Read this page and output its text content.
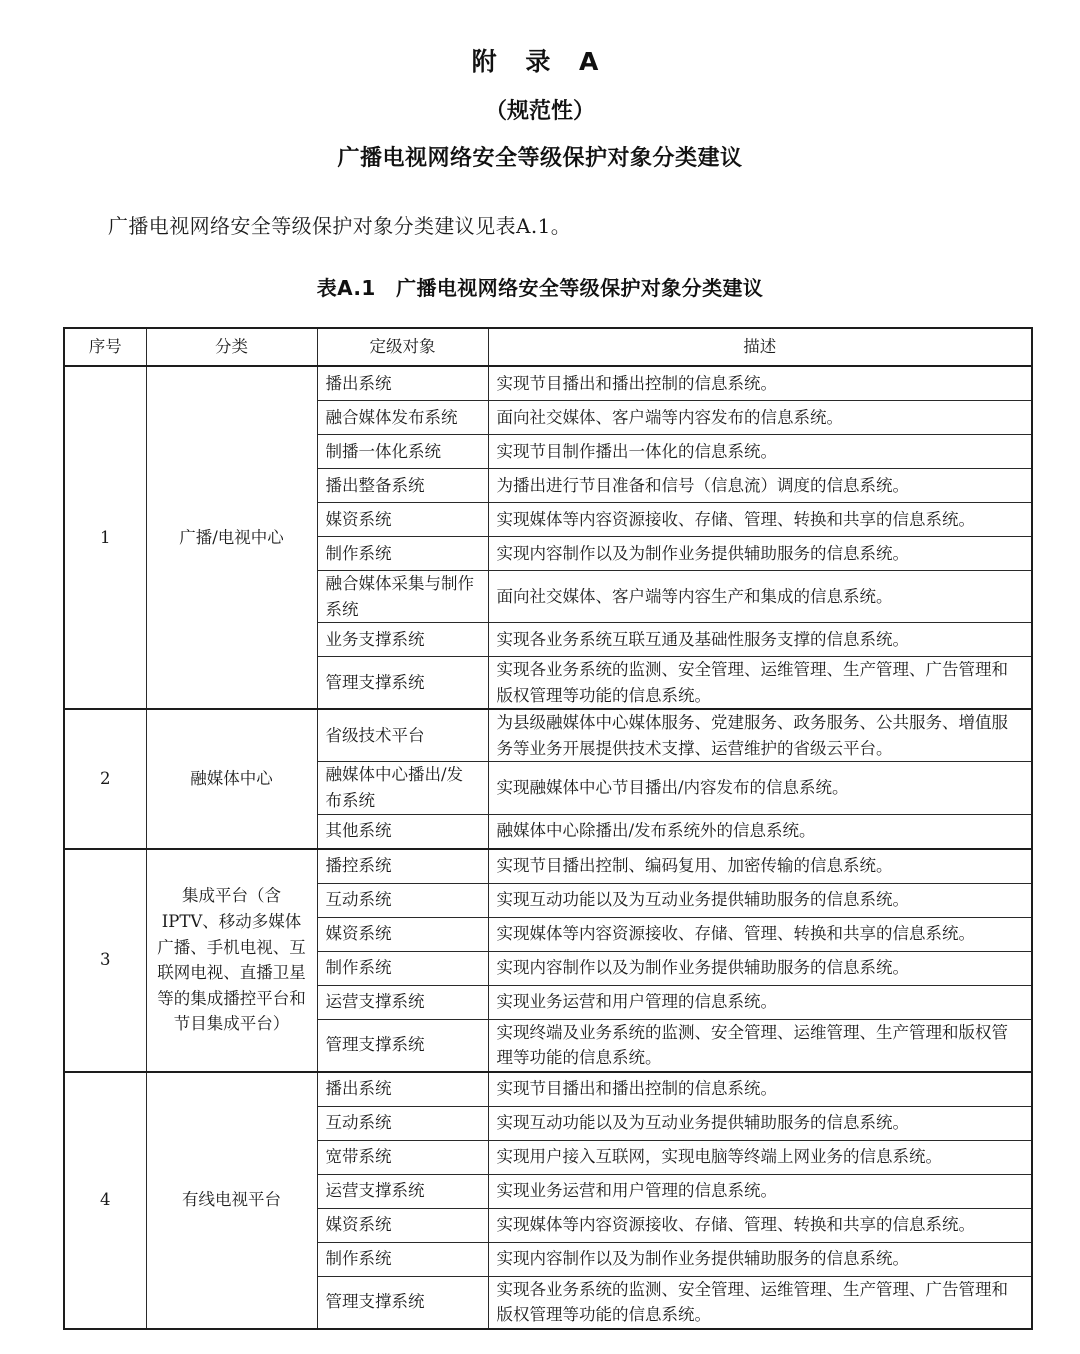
附 录 A
（规范性）
广播电视网络安全等级保护对象分类建议

广播电视网络安全等级保护对象分类建议见表A.1。

表A.1　广播电视网络安全等级保护对象分类建议

序号	分类	定级对象	描述
1	广播/电视中心	播出系统	实现节目播出和播出控制的信息系统。
		融合媒体发布系统	面向社交媒体、客户端等内容发布的信息系统。
		制播一体化系统	实现节目制作播出一体化的信息系统。
		播出整备系统	为播出进行节目准备和信号（信息流）调度的信息系统。
		媒资系统	实现媒体等内容资源接收、存储、管理、转换和共享的信息系统。
		制作系统	实现内容制作以及为制作业务提供辅助服务的信息系统。
		融合媒体采集与制作系统	面向社交媒体、客户端等内容生产和集成的信息系统。
		业务支撑系统	实现各业务系统互联互通及基础性服务支撑的信息系统。
		管理支撑系统	实现各业务系统的监测、安全管理、运维管理、生产管理、广告管理和版权管理等功能的信息系统。
2	融媒体中心	省级技术平台	为县级融媒体中心媒体服务、党建服务、政务服务、公共服务、增值服务等业务开展提供技术支撑、运营维护的省级云平台。
		融媒体中心播出/发布系统	实现融媒体中心节目播出/内容发布的信息系统。
		其他系统	融媒体中心除播出/发布系统外的信息系统。
3	集成平台（含IPTV、移动多媒体广播、手机电视、互联网电视、直播卫星等的集成播控平台和节目集成平台）	播控系统	实现节目播出控制、编码复用、加密传输的信息系统。
		互动系统	实现互动功能以及为互动业务提供辅助服务的信息系统。
		媒资系统	实现媒体等内容资源接收、存储、管理、转换和共享的信息系统。
		制作系统	实现内容制作以及为制作业务提供辅助服务的信息系统。
		运营支撑系统	实现业务运营和用户管理的信息系统。
		管理支撑系统	实现终端及业务系统的监测、安全管理、运维管理、生产管理和版权管理等功能的信息系统。
4	有线电视平台	播出系统	实现节目播出和播出控制的信息系统。
		互动系统	实现互动功能以及为互动业务提供辅助服务的信息系统。
		宽带系统	实现用户接入互联网，实现电脑等终端上网业务的信息系统。
		运营支撑系统	实现业务运营和用户管理的信息系统。
		媒资系统	实现媒体等内容资源接收、存储、管理、转换和共享的信息系统。
		制作系统	实现内容制作以及为制作业务提供辅助服务的信息系统。
		管理支撑系统	实现各业务系统的监测、安全管理、运维管理、生产管理、广告管理和版权管理等功能的信息系统。
